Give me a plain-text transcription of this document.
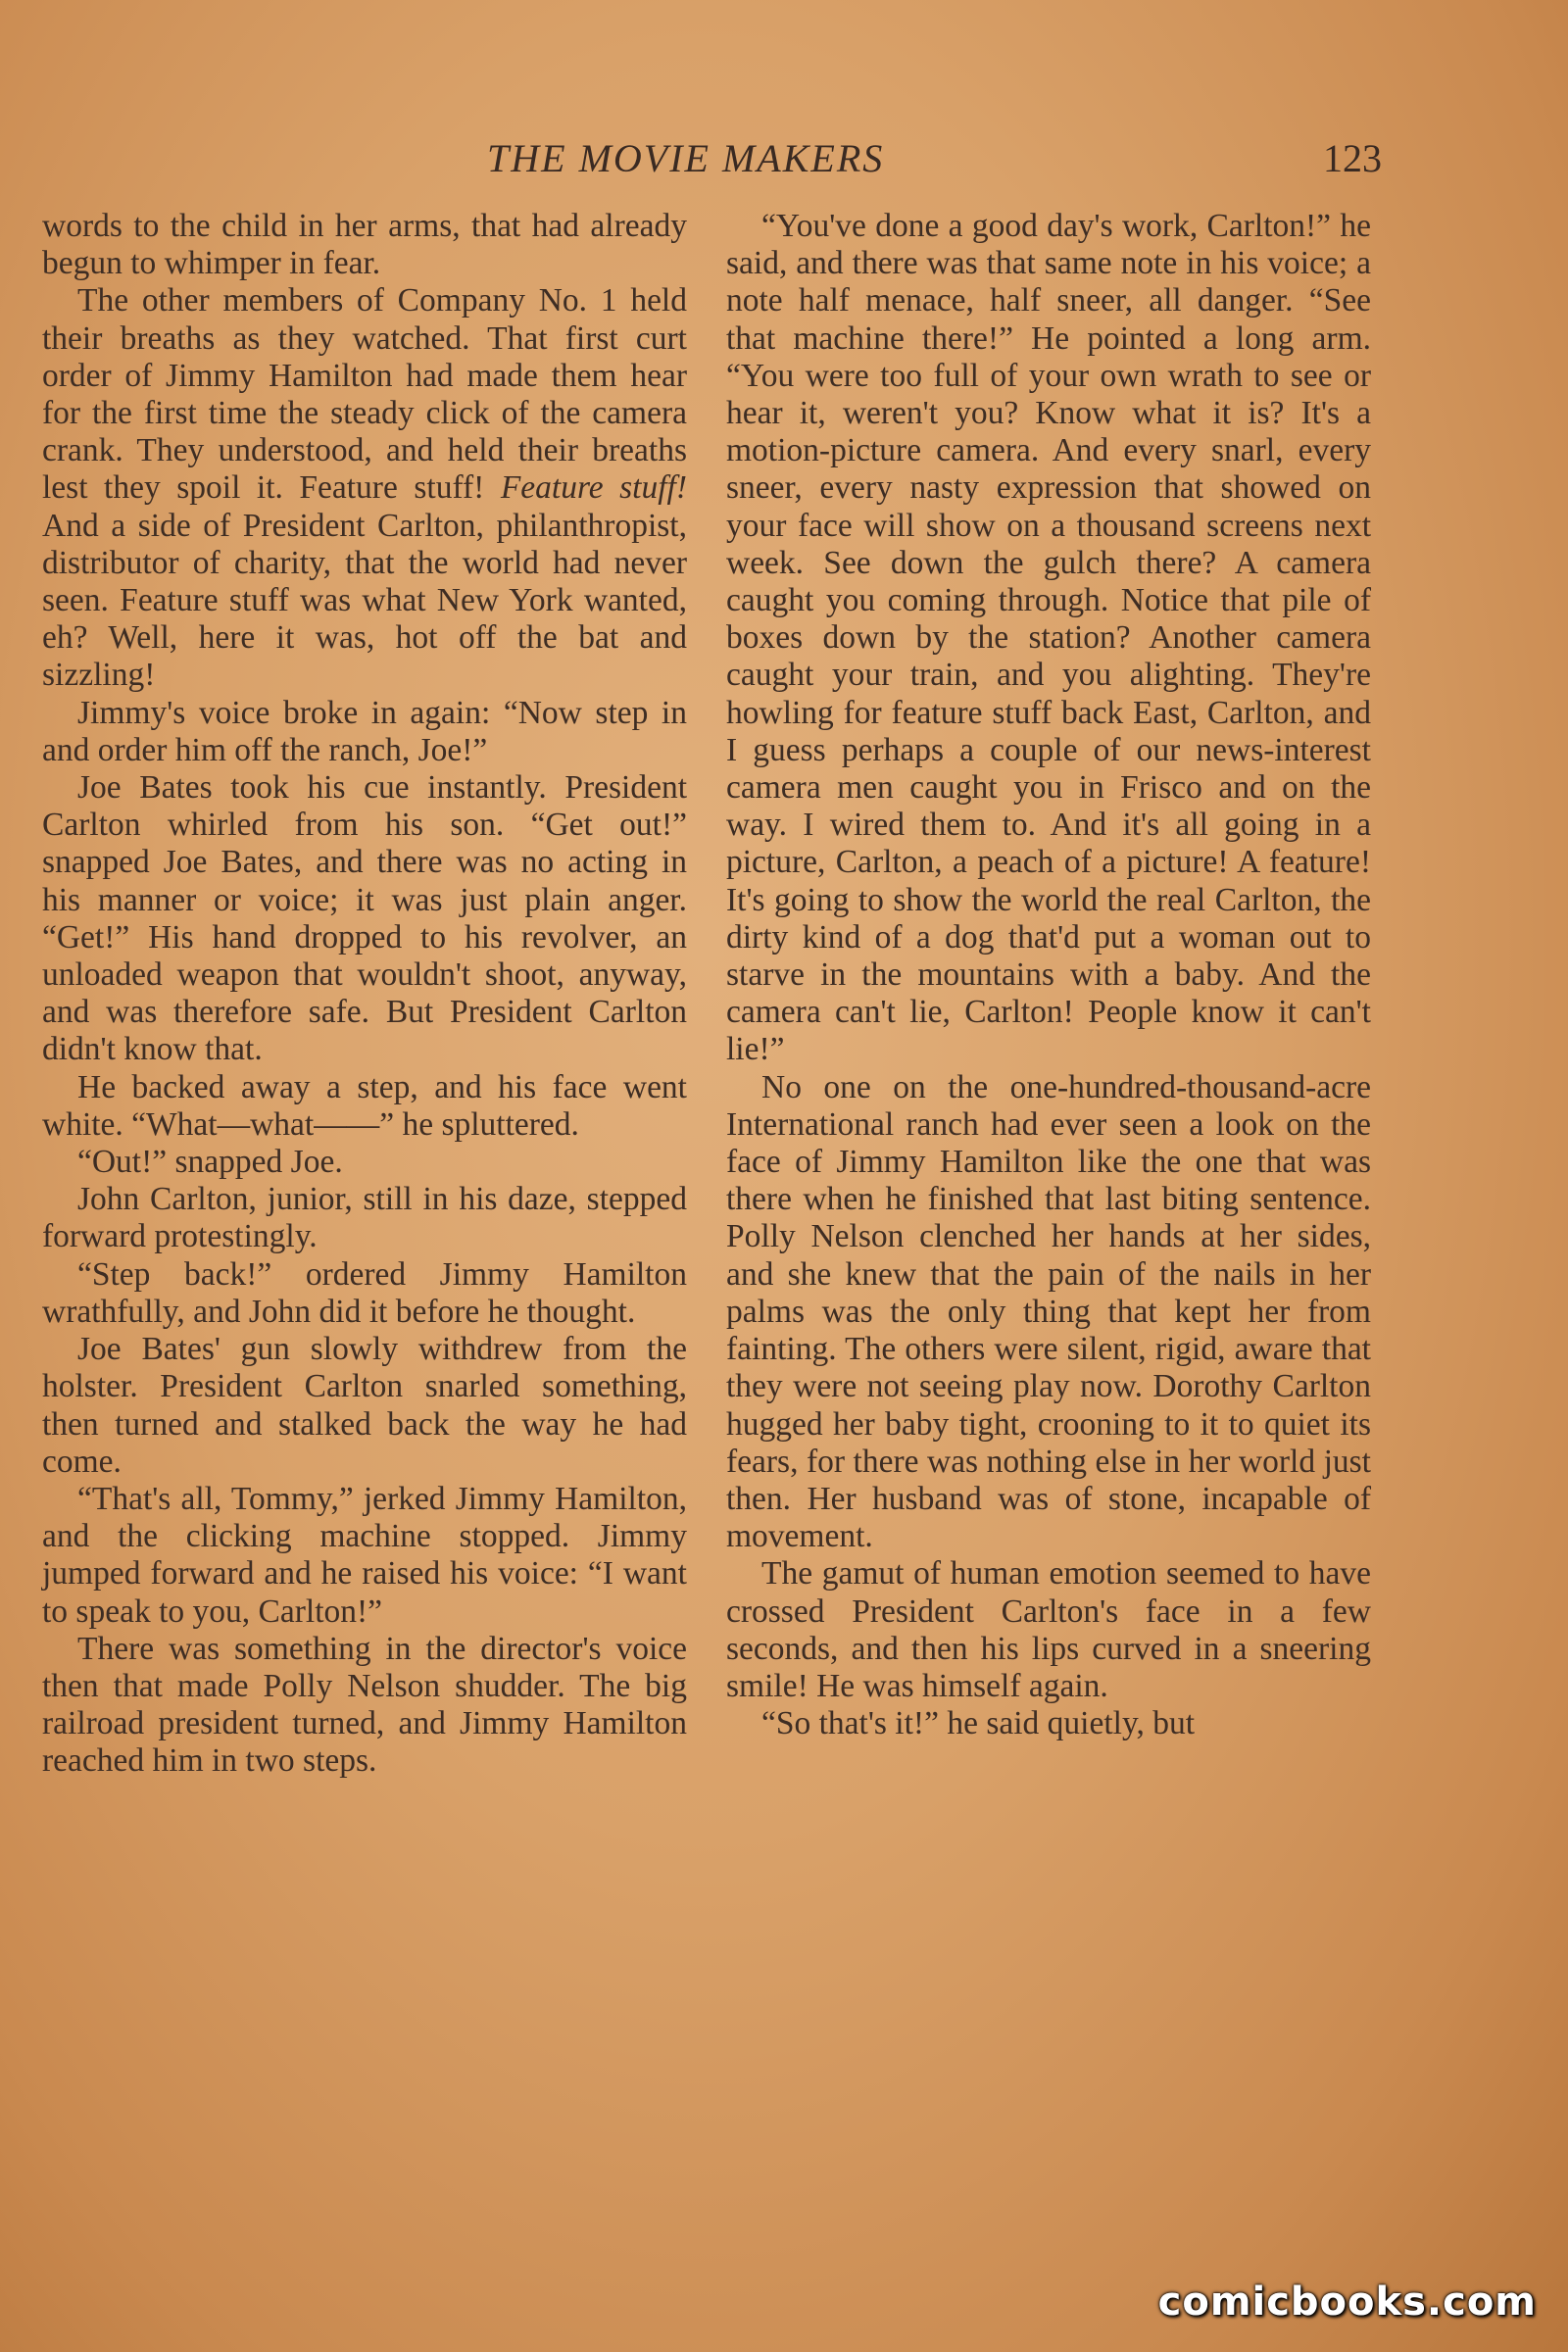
THE MOVIE MAKERS	123

words to the child in her arms, that had already begun to whimper in fear.

The other members of Company No. 1 held their breaths as they watched. That first curt order of Jimmy Hamilton had made them hear for the first time the steady click of the camera crank. They understood, and held their breaths lest they spoil it. Feature stuff! Feature stuff! And a side of President Carlton, philanthropist, distributor of charity, that the world had never seen. Feature stuff was what New York wanted, eh? Well, here it was, hot off the bat and sizzling!

Jimmy's voice broke in again: “Now step in and order him off the ranch, Joe!”

Joe Bates took his cue instantly. President Carlton whirled from his son. “Get out!” snapped Joe Bates, and there was no acting in his manner or voice; it was just plain anger. “Get!” His hand dropped to his revolver, an unloaded weapon that wouldn't shoot, anyway, and was therefore safe. But President Carlton didn't know that.

He backed away a step, and his face went white. “What—what——” he spluttered.

“Out!” snapped Joe.

John Carlton, junior, still in his daze, stepped forward protestingly.

“Step back!” ordered Jimmy Hamilton wrathfully, and John did it before he thought.

Joe Bates' gun slowly withdrew from the holster. President Carlton snarled something, then turned and stalked back the way he had come.

“That's all, Tommy,” jerked Jimmy Hamilton, and the clicking machine stopped. Jimmy jumped forward and he raised his voice: “I want to speak to you, Carlton!”

There was something in the director's voice then that made Polly Nelson shudder. The big railroad president turned, and Jimmy Hamilton reached him in two steps.

“You've done a good day's work, Carlton!” he said, and there was that same note in his voice; a note half menace, half sneer, all danger. “See that machine there!” He pointed a long arm. “You were too full of your own wrath to see or hear it, weren't you? Know what it is? It's a motion-picture camera. And every snarl, every sneer, every nasty expression that showed on your face will show on a thousand screens next week. See down the gulch there? A camera caught you coming through. Notice that pile of boxes down by the station? Another camera caught your train, and you alighting. They're howling for feature stuff back East, Carlton, and I guess perhaps a couple of our news-interest camera men caught you in Frisco and on the way. I wired them to. And it's all going in a picture, Carlton, a peach of a picture! A feature! It's going to show the world the real Carlton, the dirty kind of a dog that'd put a woman out to starve in the mountains with a baby. And the camera can't lie, Carlton! People know it can't lie!”

No one on the one-hundred-thousand-acre International ranch had ever seen a look on the face of Jimmy Hamilton like the one that was there when he finished that last biting sentence. Polly Nelson clenched her hands at her sides, and she knew that the pain of the nails in her palms was the only thing that kept her from fainting. The others were silent, rigid, aware that they were not seeing play now. Dorothy Carlton hugged her baby tight, crooning to it to quiet its fears, for there was nothing else in her world just then. Her husband was of stone, incapable of movement.

The gamut of human emotion seemed to have crossed President Carlton's face in a few seconds, and then his lips curved in a sneering smile! He was himself again.

“So that's it!” he said quietly, but

comicbooks.com
